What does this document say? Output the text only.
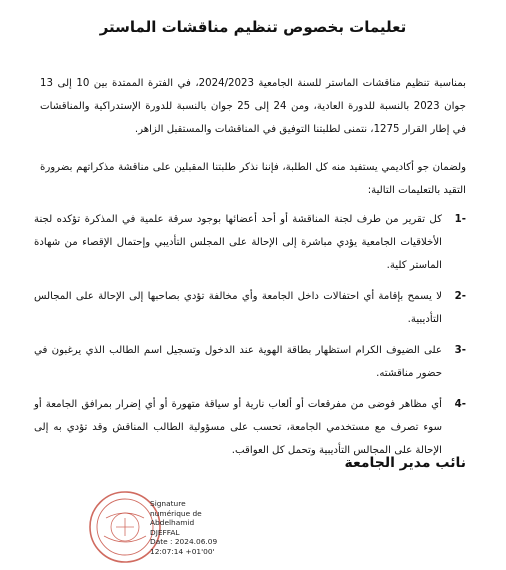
تعليمات بخصوص تنظيم مناقشات الماستر
بمناسبة تنظيم مناقشات الماستر للسنة الجامعية 2024/2023، في الفترة الممتدة بين 10 إلى 13 جوان 2023 بالنسبة للدورة العادية، ومن 24 إلى 25 جوان بالنسبة للدورة الإستدراكية والمناقشات في إطار القرار 1275، نتمنى لطلبتنا التوفيق في المناقشات والمستقبل الزاهر.
ولضمان جو أكاديمي يستفيد منه كل الطلبة، فإننا نذكر طلبتنا المقبلين على مناقشة مذكراتهم بضرورة التقيد بالتعليمات التالية:
-1
كل تقرير من طرف لجنة المناقشة أو أحد أعضائها بوجود سرقة علمية في المذكرة تؤكده لجنة الأخلاقيات الجامعية يؤدي مباشرة إلى الإحالة على المجلس التأديبي وإحتمال الإقصاء من شهادة الماستر كلية.
-2
لا يسمح بإقامة أي احتفالات داخل الجامعة وأي مخالفة تؤدي بصاحبها إلى الإحالة على المجالس التأديبية.
-3
على الضيوف الكرام استظهار بطاقة الهوية عند الدخول وتسجيل اسم الطالب الذي يرغبون في حضور مناقشته.
-4
أي مظاهر فوضى من مفرقعات أو ألعاب نارية أو سياقة متهورة أو أي إضرار بمرافق الجامعة أو سوء تصرف مع مستخدمي الجامعة، تحسب على مسؤولية الطالب المناقش وقد تؤدي به إلى الإحالة على المجالس التأديبية وتحمل كل العواقب.
نائب مدير الجامعة
Signature
numérique de
Abdelhamid
DJEFFAL
Date : 2024.06.09
12:07:14 +01'00'
